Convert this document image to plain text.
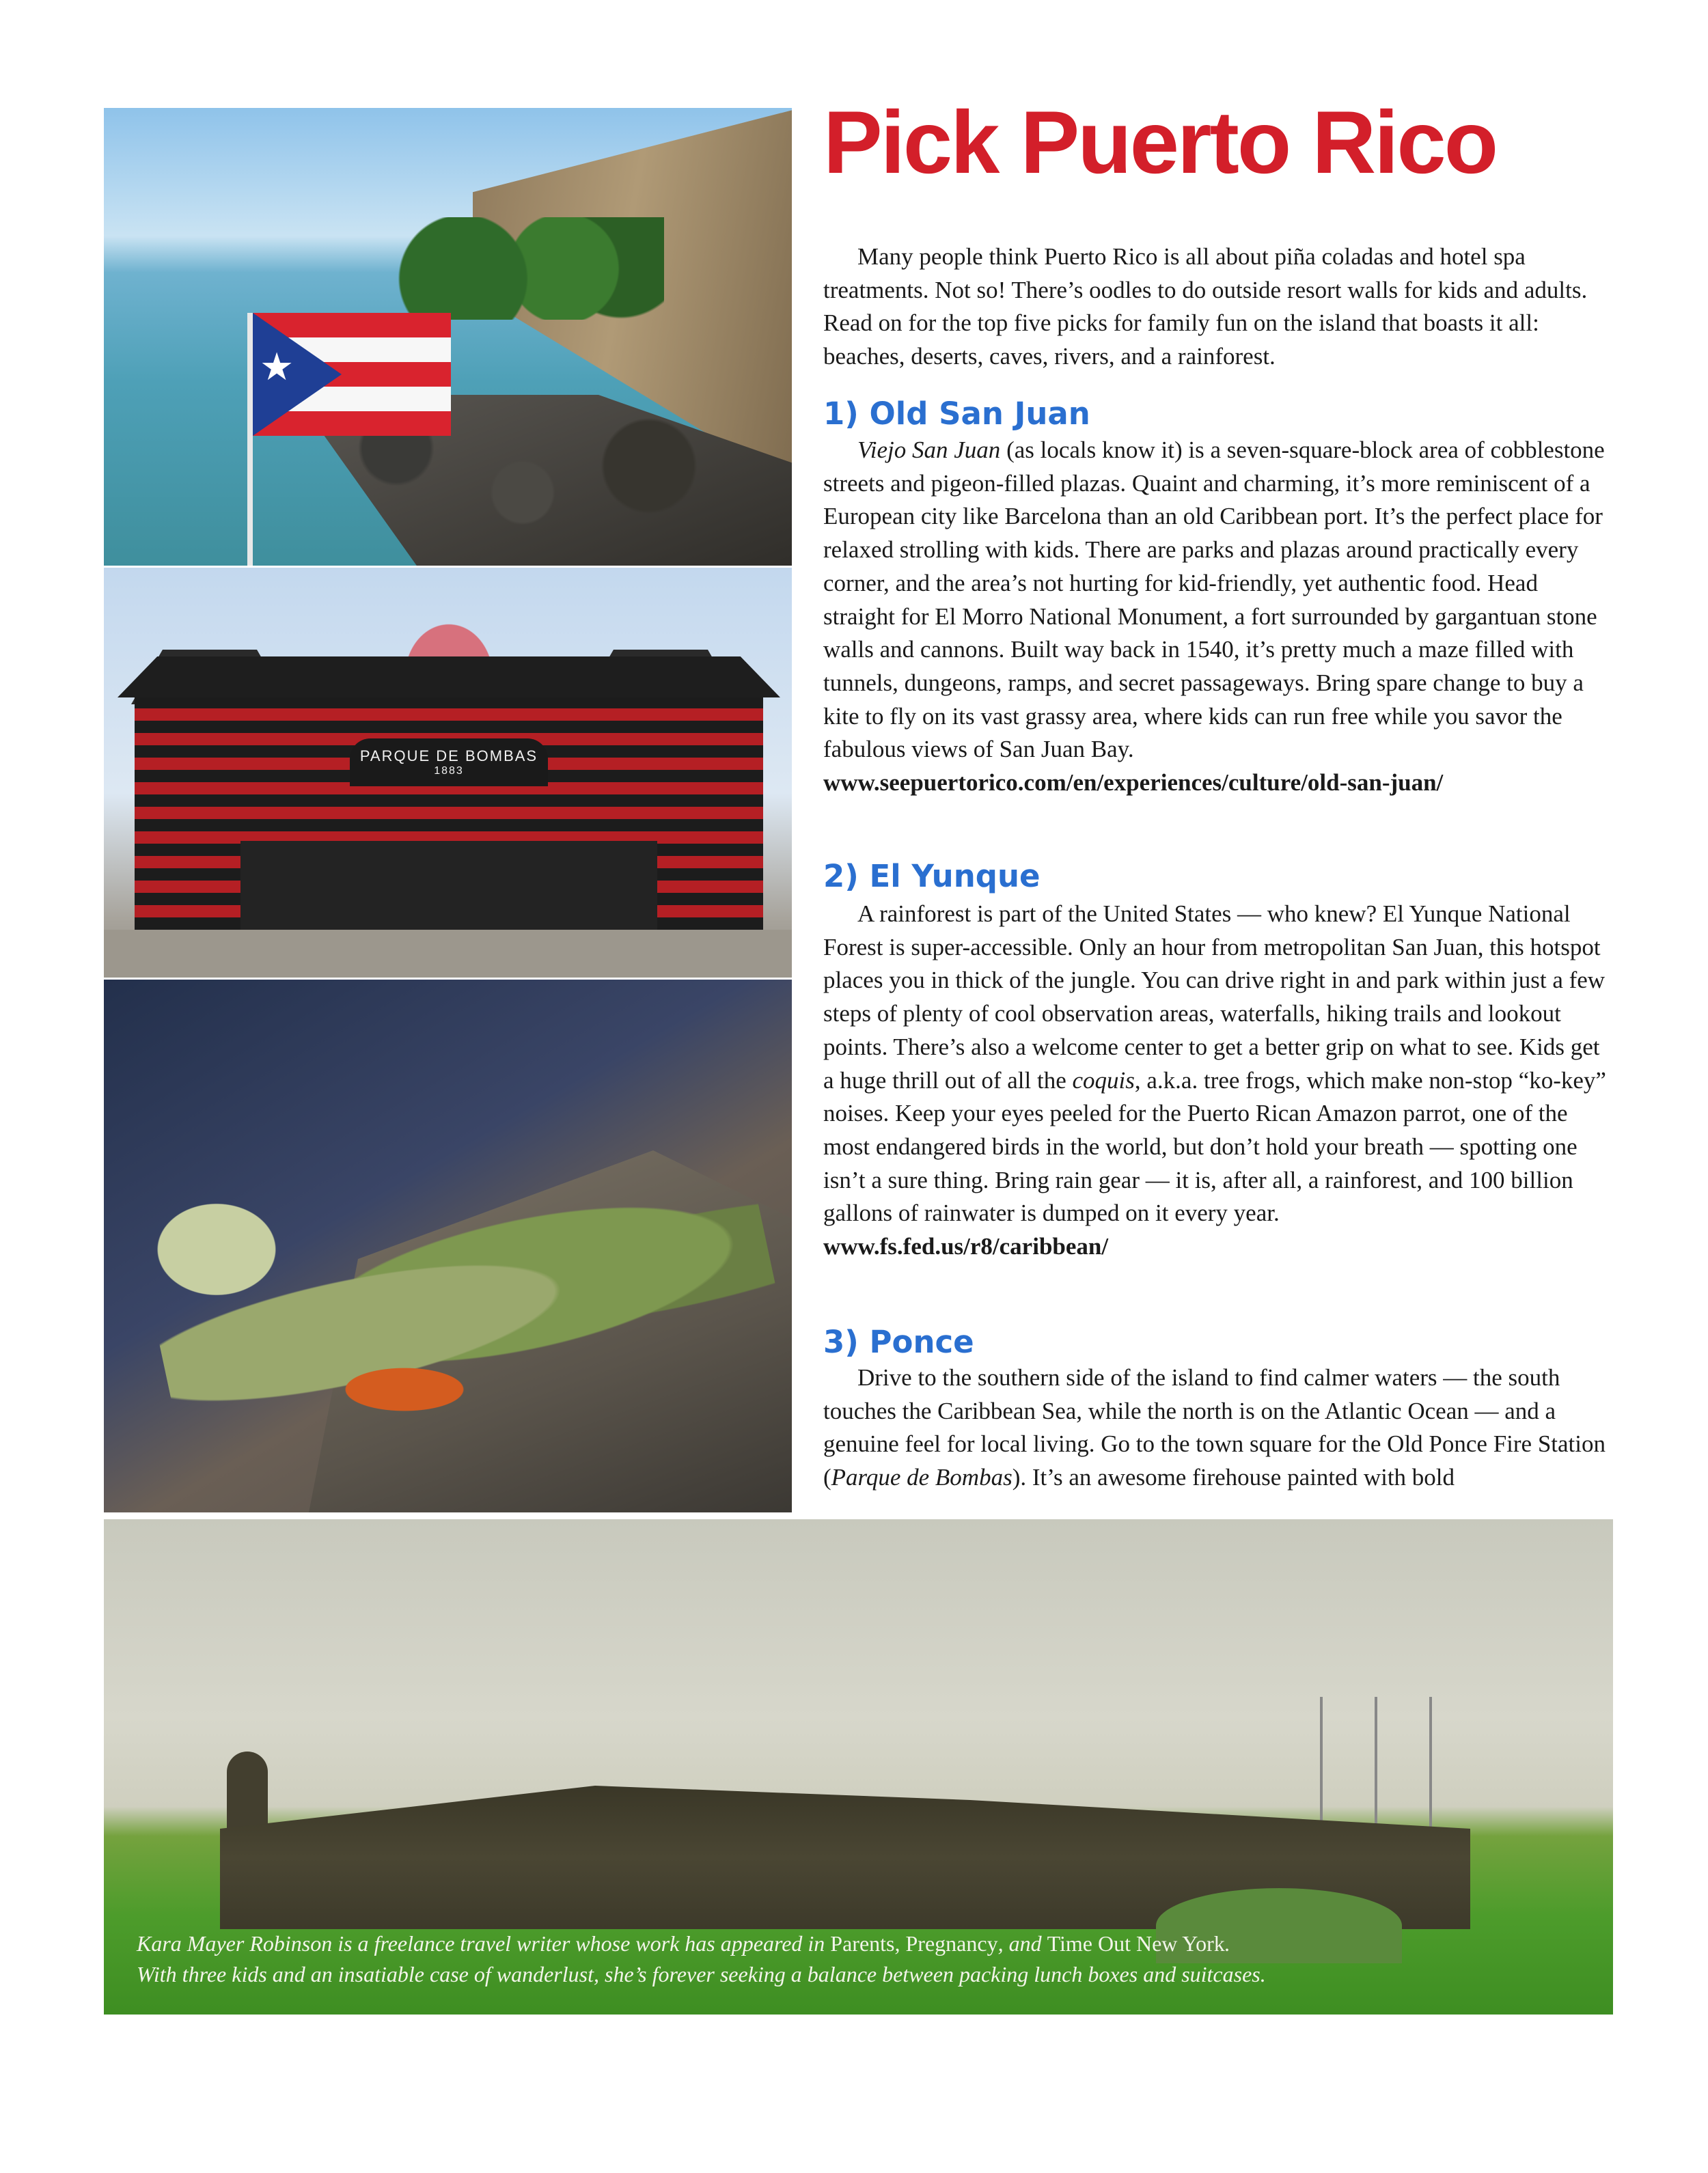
★
PARQUE DE BOMBAS
1883
Kara Mayer Robinson is a freelance travel writer whose work has appeared in Parents, Pregnancy, and Time Out New York.
With three kids and an insatiable case of wanderlust, she’s forever seeking a balance between packing lunch boxes and suitcases.
Pick Puerto Rico

Many people think Puerto Rico is all about piña coladas and hotel spa treatments. Not so! There’s oodles to do outside resort walls for kids and adults. Read on for the top five picks for family fun on the island that boasts it all: beaches, deserts, caves, rivers, and a rainforest.

1) Old San Juan

Viejo San Juan (as locals know it) is a seven-square-block area of cobblestone streets and pigeon-filled plazas. Quaint and charming, it’s more reminiscent of a European city like Barcelona than an old Caribbean port. It’s the perfect place for relaxed strolling with kids. There are parks and plazas around practically every corner, and the area’s not hurting for kid-friendly, yet authentic food. Head straight for El Morro National Monument, a fort surrounded by gargantuan stone walls and cannons. Built way back in 1540, it’s pretty much a maze filled with tunnels, dungeons, ramps, and secret passageways. Bring spare change to buy a kite to fly on its vast grassy area, where kids can run free while you savor the fabulous views of San Juan Bay.

www.seepuertorico.com/en/experiences/culture/old-san-juan/
2) El Yunque

A rainforest is part of the United States — who knew? El Yunque National Forest is super-accessible. Only an hour from metropolitan San Juan, this hotspot places you in thick of the jungle. You can drive right in and park within just a few steps of plenty of cool observation areas, waterfalls, hiking trails and lookout points. There’s also a welcome center to get a better grip on what to see. Kids get a huge thrill out of all the coquis, a.k.a. tree frogs, which make non-stop “ko-key” noises. Keep your eyes peeled for the Puerto Rican Amazon parrot, one of the most endangered birds in the world, but don’t hold your breath — spotting one isn’t a sure thing. Bring rain gear — it is, after all, a rainforest, and 100 billion gallons of rainwater is dumped on it every year.

www.fs.fed.us/r8/caribbean/
3) Ponce

Drive to the southern side of the island to find calmer waters — the south touches the Caribbean Sea, while the north is on the Atlantic Ocean — and a genuine feel for local living. Go to the town square for the Old Ponce Fire Station (Parque de Bombas). It’s an awesome firehouse painted with bold
